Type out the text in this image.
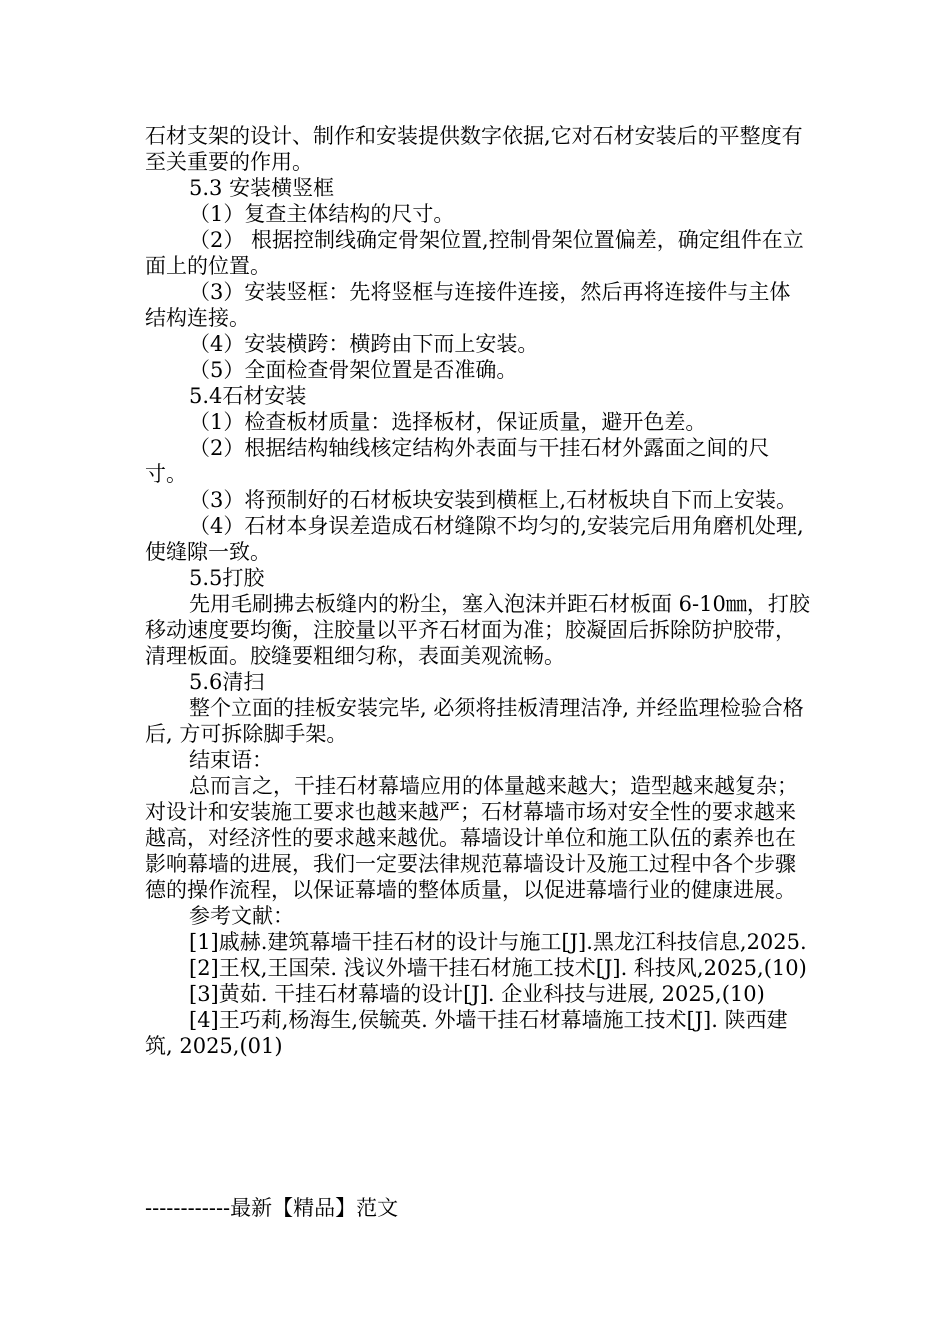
石材支架的设计、制作和安装提供数字依据,它对石材安装后的平整度有至关重要的作用。

5.3 安装横竖框

（1）复查主体结构的尺寸。

（2） 根据控制线确定骨架位置,控制骨架位置偏差，确定组件在立面上的位置。

（3）安装竖框：先将竖框与连接件连接，然后再将连接件与主体结构连接。

（4）安装横跨：横跨由下而上安装。

（5）全面检查骨架位置是否准确。

5.4石材安装

（1）检查板材质量：选择板材，保证质量，避开色差。

（2）根据结构轴线核定结构外表面与干挂石材外露面之间的尺寸。

（3）将预制好的石材板块安装到横框上,石材板块自下而上安装。

（4）石材本身误差造成石材缝隙不均匀的,安装完后用角磨机处理,使缝隙一致。

5.5打胶

先用毛刷拂去板缝内的粉尘，塞入泡沫并距石材板面 6-10㎜，打胶移动速度要均衡，注胶量以平齐石材面为准；胶凝固后拆除防护胶带，清理板面。胶缝要粗细匀称，表面美观流畅。

5.6清扫

整个立面的挂板安装完毕, 必须将挂板清理洁净, 并经监理检验合格后, 方可拆除脚手架。

结束语：

总而言之，干挂石材幕墙应用的体量越来越大；造型越来越复杂；对设计和安装施工要求也越来越严；石材幕墙市场对安全性的要求越来越高，对经济性的要求越来越优。幕墙设计单位和施工队伍的素养也在影响幕墙的进展，我们一定要法律规范幕墙设计及施工过程中各个步骤德的操作流程，以保证幕墙的整体质量，以促进幕墙行业的健康进展。

参考文献：

[1]戚赫.建筑幕墙干挂石材的设计与施工[J].黑龙江科技信息,2025.

[2]王权,王国荣. 浅议外墙干挂石材施工技术[J]. 科技风,2025,(10)

[3]黄茹. 干挂石材幕墙的设计[J]. 企业科技与进展, 2025,(10)

[4]王巧莉,杨海生,侯毓英. 外墙干挂石材幕墙施工技术[J]. 陕西建筑, 2025,(01)

------------最新【精品】范文
